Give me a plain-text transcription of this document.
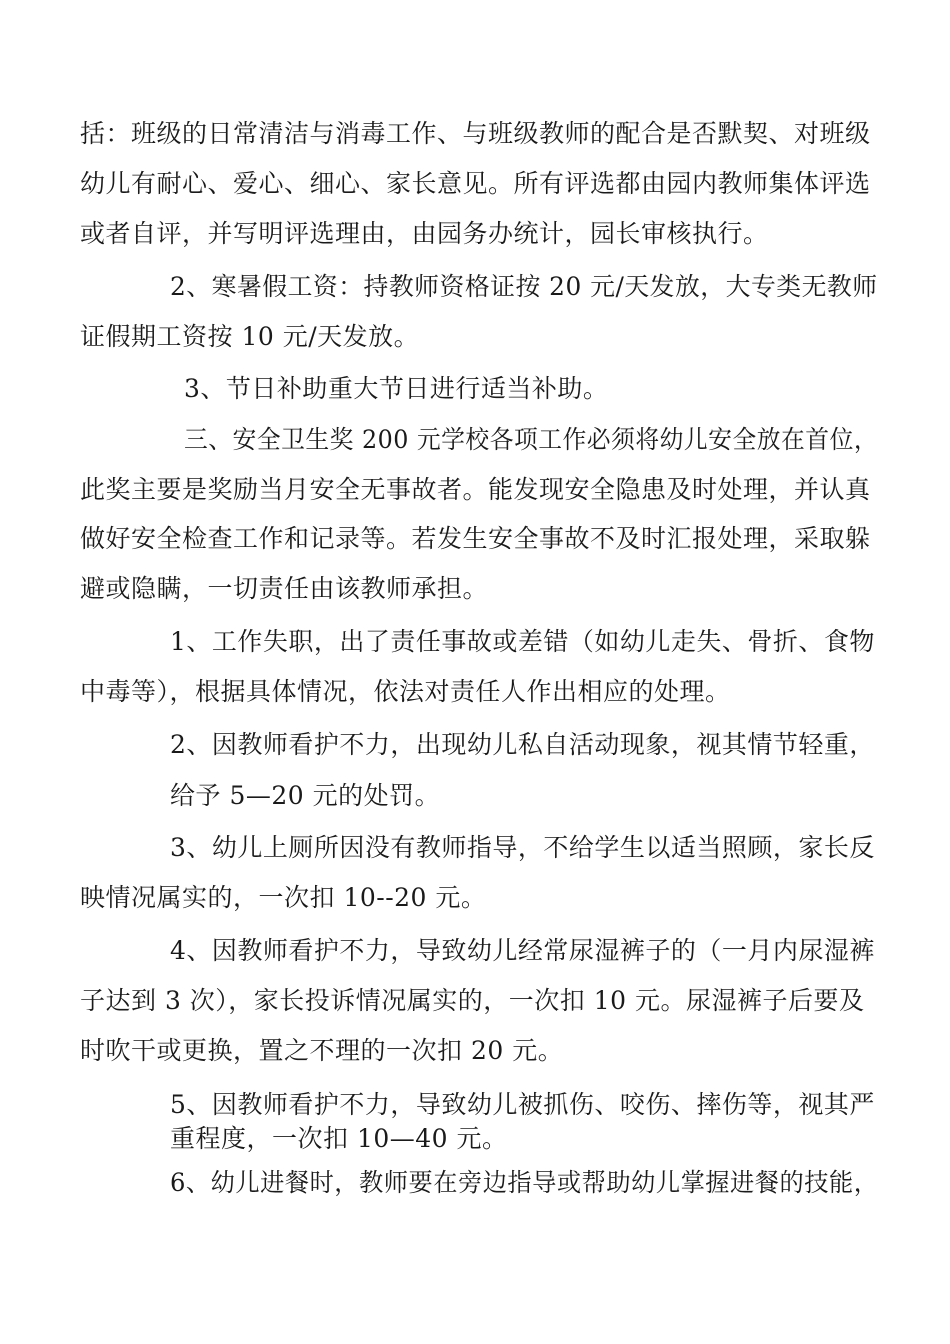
括：班级的日常清洁与消毒工作、与班级教师的配合是否默契、对班级
幼儿有耐心、爱心、细心、家长意见。所有评选都由园内教师集体评选
或者自评，并写明评选理由，由园务办统计，园长审核执行。
2、寒暑假工资：持教师资格证按 20 元/天发放，大专类无教师
证假期工资按 10 元/天发放。
3、节日补助重大节日进行适当补助。
三、安全卫生奖 200 元学校各项工作必须将幼儿安全放在首位，
此奖主要是奖励当月安全无事故者。能发现安全隐患及时处理，并认真
做好安全检查工作和记录等。若发生安全事故不及时汇报处理，采取躲
避或隐瞒，一切责任由该教师承担。
1、工作失职，出了责任事故或差错（如幼儿走失、骨折、食物
中毒等），根据具体情况，依法对责任人作出相应的处理。
2、因教师看护不力，出现幼儿私自活动现象，视其情节轻重，
给予 5—20 元的处罚。
3、幼儿上厕所因没有教师指导，不给学生以适当照顾，家长反
映情况属实的，一次扣 10--20 元。
4、因教师看护不力，导致幼儿经常尿湿裤子的（一月内尿湿裤
子达到 3 次），家长投诉情况属实的，一次扣 10 元。尿湿裤子后要及
时吹干或更换，置之不理的一次扣 20 元。
5、因教师看护不力，导致幼儿被抓伤、咬伤、摔伤等，视其严
重程度，一次扣 10—40 元。
6、幼儿进餐时，教师要在旁边指导或帮助幼儿掌握进餐的技能，
